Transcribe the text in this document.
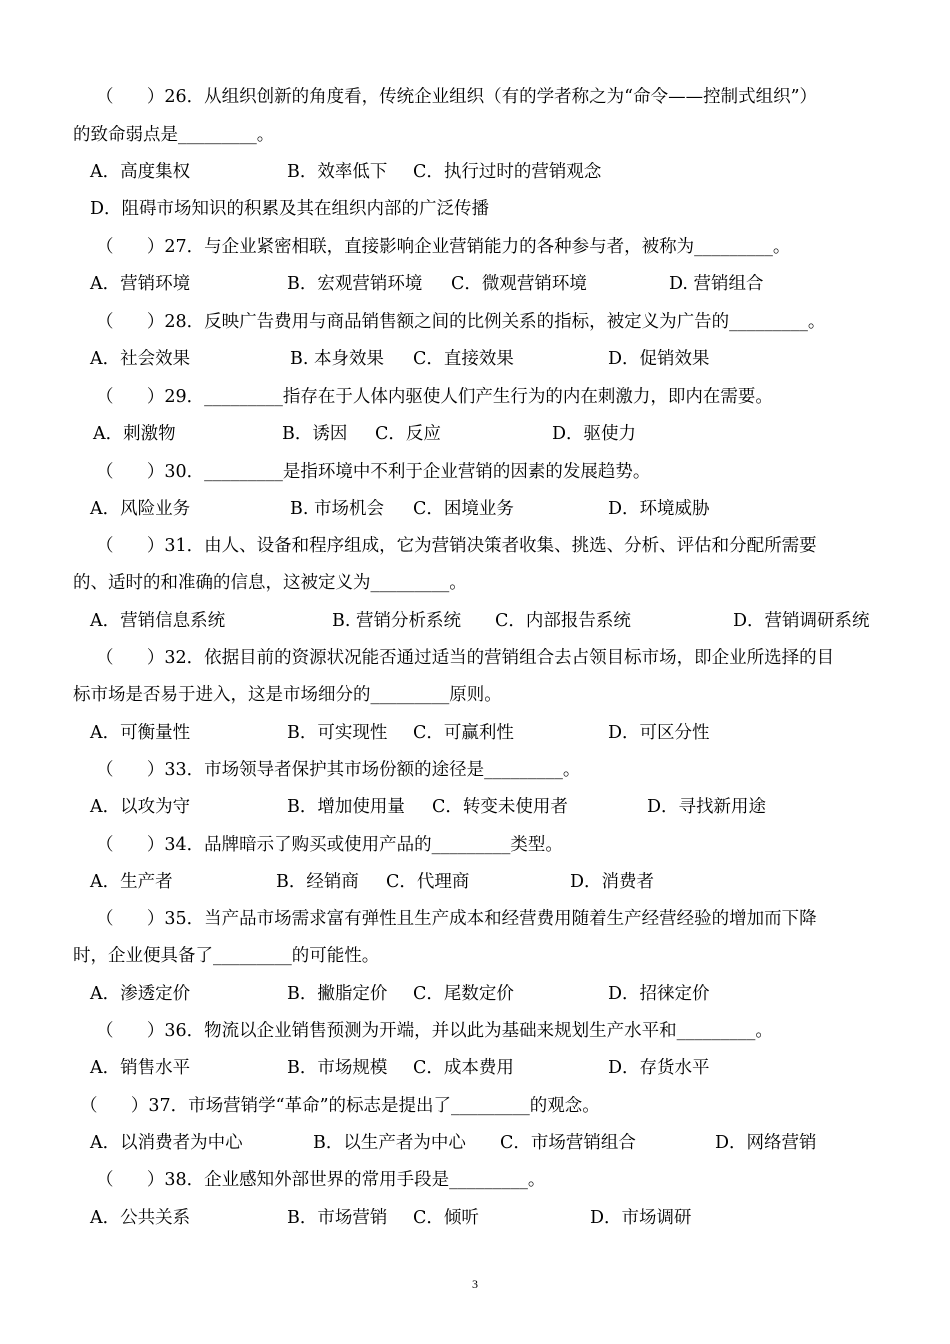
（      ）26．从组织创新的角度看，传统企业组织（有的学者称之为“命令——控制式组织”）
的致命弱点是_________。
A．高度集权	B．效率低下 C．执行过时的营销观念
D．阻碍市场知识的积累及其在组织内部的广泛传播
（      ）27．与企业紧密相联，直接影响企业营销能力的各种参与者，被称为_________。
A．营销环境	B．宏观营销环境 C．微观营销环境	D. 营销组合
（      ）28．反映广告费用与商品销售额之间的比例关系的指标，被定义为广告的_________。
A．社会效果	B. 本身效果 C．直接效果	D．促销效果
（      ）29．_________指存在于人体内驱使人们产生行为的内在刺激力，即内在需要。
A．刺激物	B．诱因 C．反应	D．驱使力
（      ）30．_________是指环境中不利于企业营销的因素的发展趋势。
A．风险业务	B. 市场机会 C．困境业务	D．环境威胁
（      ）31．由人、设备和程序组成，它为营销决策者收集、挑选、分析、评估和分配所需要
的、适时的和准确的信息，这被定义为_________。
A．营销信息系统	B. 营销分析系统 C．内部报告系统	D．营销调研系统
（      ）32．依据目前的资源状况能否通过适当的营销组合去占领目标市场，即企业所选择的目
标市场是否易于进入，这是市场细分的_________原则。
A．可衡量性	B．可实现性 C．可赢利性	D．可区分性
（      ）33．市场领导者保护其市场份额的途径是_________。
A．以攻为守	B．增加使用量 C．转变未使用者	D．寻找新用途
（      ）34．品牌暗示了购买或使用产品的_________类型。
A．生产者	B．经销商 C．代理商	D．消费者
（      ）35．当产品市场需求富有弹性且生产成本和经营费用随着生产经营经验的增加而下降
时，企业便具备了_________的可能性。
A．渗透定价	B．撇脂定价 C．尾数定价	D．招徕定价
（      ）36．物流以企业销售预测为开端，并以此为基础来规划生产水平和_________。
A．销售水平	B．市场规模 C．成本费用	D．存货水平
（      ）37．市场营销学“革命”的标志是提出了_________的观念。
A．以消费者为中心	B．以生产者为中心 C．市场营销组合	D．网络营销
（      ）38．企业感知外部世界的常用手段是_________。
A．公共关系	B．市场营销 C．倾听	D．市场调研
3
